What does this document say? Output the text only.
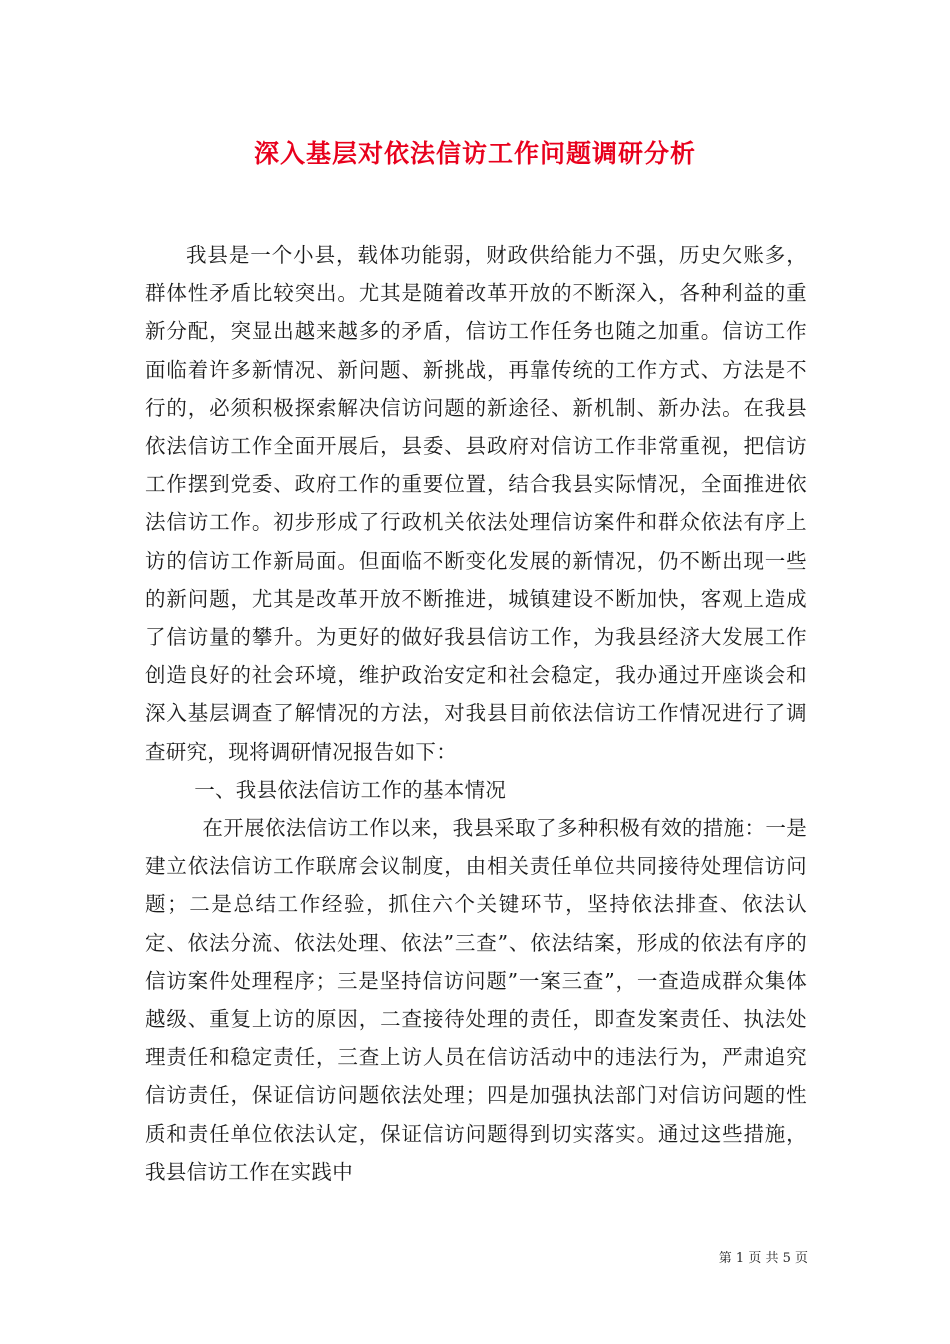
深入基层对依法信访工作问题调研分析

我县是一个小县，载体功能弱，财政供给能力不强，历史欠账多，群体性矛盾比较突出。尤其是随着改革开放的不断深入，各种利益的重新分配，突显出越来越多的矛盾，信访工作任务也随之加重。信访工作面临着许多新情况、新问题、新挑战，再靠传统的工作方式、方法是不行的，必须积极探索解决信访问题的新途径、新机制、新办法。在我县依法信访工作全面开展后，县委、县政府对信访工作非常重视，把信访工作摆到党委、政府工作的重要位置，结合我县实际情况，全面推进依法信访工作。初步形成了行政机关依法处理信访案件和群众依法有序上访的信访工作新局面。但面临不断变化发展的新情况，仍不断出现一些的新问题，尤其是改革开放不断推进，城镇建设不断加快，客观上造成了信访量的攀升。为更好的做好我县信访工作，为我县经济大发展工作创造良好的社会环境，维护政治安定和社会稳定，我办通过开座谈会和深入基层调查了解情况的方法，对我县目前依法信访工作情况进行了调查研究，现将调研情况报告如下：

一、我县依法信访工作的基本情况

在开展依法信访工作以来，我县采取了多种积极有效的措施：一是建立依法信访工作联席会议制度，由相关责任单位共同接待处理信访问题；二是总结工作经验，抓住六个关键环节，坚持依法排查、依法认定、依法分流、依法处理、依法”三查”、依法结案，形成的依法有序的信访案件处理程序；三是坚持信访问题”一案三查”，一查造成群众集体越级、重复上访的原因，二查接待处理的责任，即查发案责任、执法处理责任和稳定责任，三查上访人员在信访活动中的违法行为，严肃追究信访责任，保证信访问题依法处理；四是加强执法部门对信访问题的性质和责任单位依法认定，保证信访问题得到切实落实。通过这些措施，我县信访工作在实践中

第 1 页 共 5 页
